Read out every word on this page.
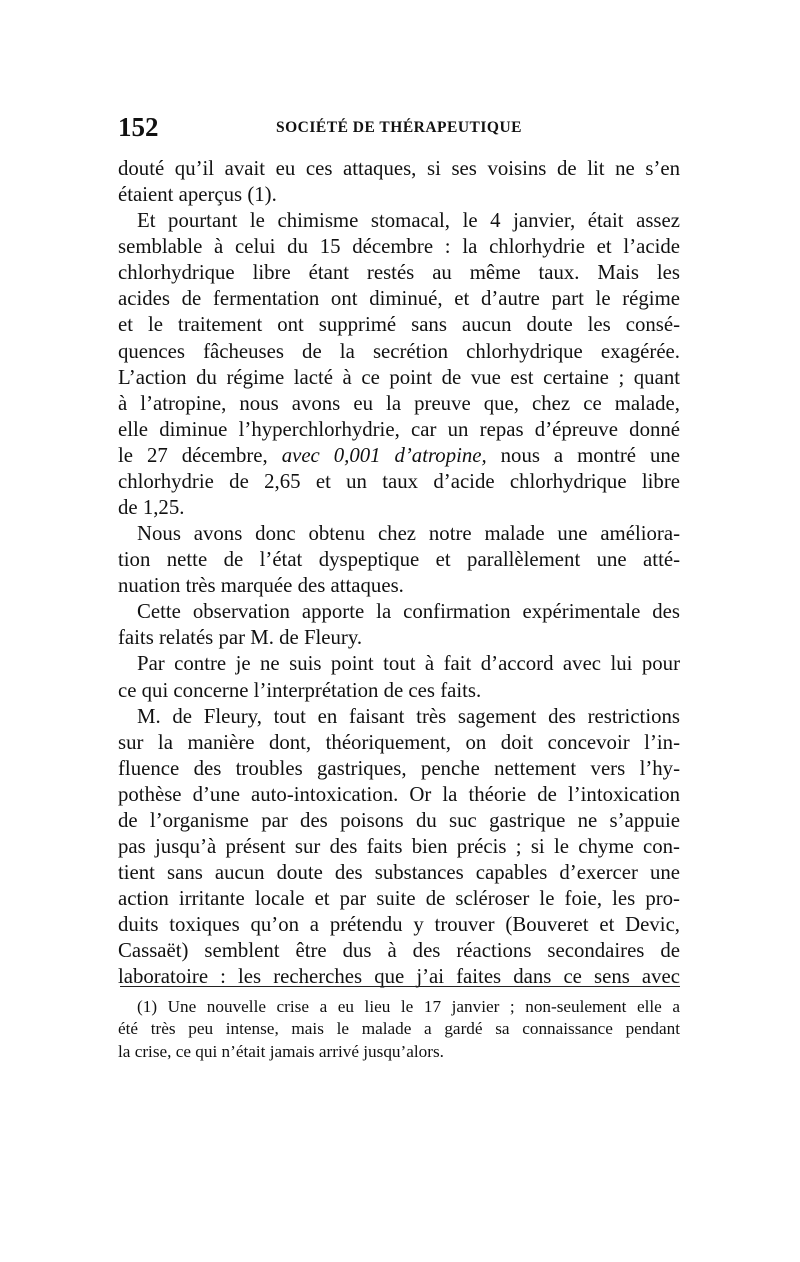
152	SOCIÉTÉ DE THÉRAPEUTIQUE
douté qu’il avait eu ces attaques, si ses voisins de lit ne s’en
étaient aperçus (1).
Et pourtant le chimisme stomacal, le 4 janvier, était assez
semblable à celui du 15 décembre : la chlorhydrie et l’acide
chlorhydrique libre étant restés au même taux. Mais les
acides de fermentation ont diminué, et d’autre part le régime
et le traitement ont supprimé sans aucun doute les consé-
quences fâcheuses de la secrétion chlorhydrique exagérée.
L’action du régime lacté à ce point de vue est certaine ; quant
à l’atropine, nous avons eu la preuve que, chez ce malade,
elle diminue l’hyperchlorhydrie, car un repas d’épreuve donné
le 27 décembre, avec 0,001 d’atropine, nous a montré une
chlorhydrie de 2,65 et un taux d’acide chlorhydrique libre
de 1,25.
Nous avons donc obtenu chez notre malade une améliora-
tion nette de l’état dyspeptique et parallèlement une atté-
nuation très marquée des attaques.
Cette observation apporte la confirmation expérimentale des
faits relatés par M. de Fleury.
Par contre je ne suis point tout à fait d’accord avec lui pour
ce qui concerne l’interprétation de ces faits.
M. de Fleury, tout en faisant très sagement des restrictions
sur la manière dont, théoriquement, on doit concevoir l’in-
fluence des troubles gastriques, penche nettement vers l’hy-
pothèse d’une auto-intoxication. Or la théorie de l’intoxication
de l’organisme par des poisons du suc gastrique ne s’appuie
pas jusqu’à présent sur des faits bien précis ; si le chyme con-
tient sans aucun doute des substances capables d’exercer une
action irritante locale et par suite de scléroser le foie, les pro-
duits toxiques qu’on a prétendu y trouver (Bouveret et Devic,
Cassaët) semblent être dus à des réactions secondaires de
laboratoire : les recherches que j’ai faites dans ce sens avec
(1) Une nouvelle crise a eu lieu le 17 janvier ; non-seulement elle a
été très peu intense, mais le malade a gardé sa connaissance pendant
la crise, ce qui n’était jamais arrivé jusqu’alors.
